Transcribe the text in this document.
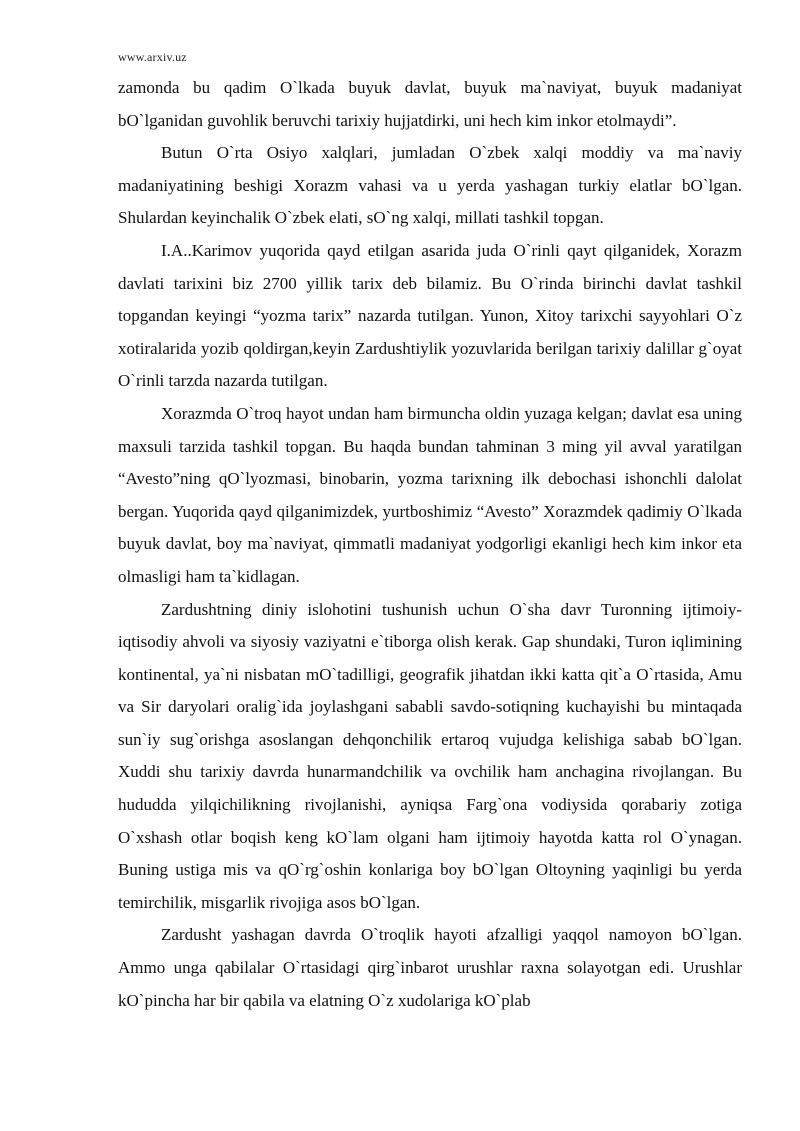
www.arxiv.uz

zamonda bu qadim O`lkada buyuk davlat, buyuk ma`naviyat, buyuk madaniyat bO`lganidan guvohlik beruvchi tarixiy hujjatdirki, uni hech kim inkor etolmaydi”.

Butun O`rta Osiyo xalqlari, jumladan O`zbek xalqi moddiy va ma`naviy madaniyatining beshigi Xorazm vahasi va u yerda yashagan turkiy elatlar bO`lgan. Shulardan keyinchalik O`zbek elati, sO`ng xalqi, millati tashkil topgan.

I.A..Karimov yuqorida qayd etilgan asarida juda O`rinli qayt qilganidek, Xorazm davlati tarixini biz 2700 yillik tarix deb bilamiz. Bu O`rinda birinchi davlat tashkil topgandan keyingi “yozma tarix” nazarda tutilgan. Yunon, Xitoy tarixchi sayyohlari O`z xotiralarida yozib qoldirgan,keyin Zardushtiylik yozuvlarida berilgan tarixiy dalillar g`oyat O`rinli tarzda nazarda tutilgan.

Xorazmda O`troq hayot undan ham birmuncha oldin yuzaga kelgan; davlat esa uning maxsuli tarzida tashkil topgan. Bu haqda bundan tahminan 3 ming yil avval yaratilgan “Avesto”ning qO`lyozmasi, binobarin, yozma tarixning ilk debochasi ishonchli dalolat bergan. Yuqorida qayd qilganimizdek, yurtboshimiz “Avesto” Xorazmdek qadimiy O`lkada buyuk davlat, boy ma`naviyat, qimmatli madaniyat yodgorligi ekanligi hech kim inkor eta olmasligi ham ta`kidlagan.

Zardushtning diniy islohotini tushunish uchun O`sha davr Turonning ijtimoiy-iqtisodiy ahvoli va siyosiy vaziyatni e`tiborga olish kerak. Gap shundaki, Turon iqlimining kontinental, ya`ni nisbatan mO`tadilligi, geografik jihatdan ikki katta qit`a O`rtasida, Amu va Sir daryolari oralig`ida joylashgani sababli savdo-sotiqning kuchayishi bu mintaqada sun`iy sug`orishga asoslangan dehqonchilik ertaroq vujudga kelishiga sabab bO`lgan. Xuddi shu tarixiy davrda hunarmandchilik va ovchilik ham anchagina rivojlangan. Bu hududda yilqichilikning rivojlanishi, ayniqsa Farg`ona vodiysida qorabariy zotiga O`xshash otlar boqish keng kO`lam olgani ham ijtimoiy hayotda katta rol O`ynagan. Buning ustiga mis va qO`rg`oshin konlariga boy bO`lgan Oltoyning yaqinligi bu yerda temirchilik, misgarlik rivojiga asos bO`lgan.

Zardusht yashagan davrda O`troqlik hayoti afzalligi yaqqol namoyon bO`lgan. Ammo unga qabilalar O`rtasidagi qirg`inbarot urushlar raxna solayotgan edi. Urushlar kO`pincha har bir qabila va elatning O`z xudolariga kO`plab
